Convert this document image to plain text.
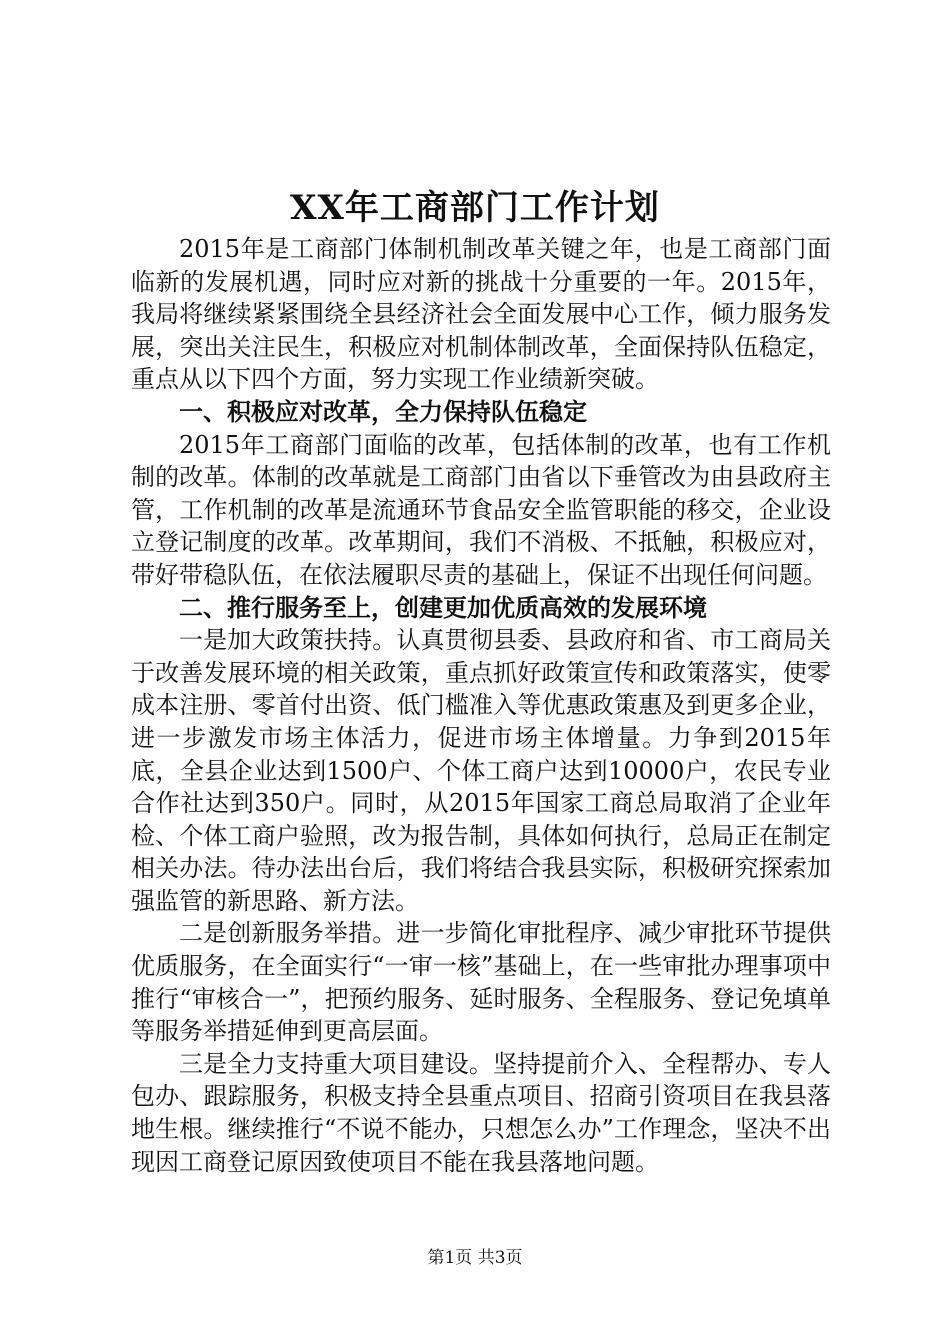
XX年工商部门工作计划

2015年是工商部门体制机制改革关键之年，也是工商部门面临新的发展机遇，同时应对新的挑战十分重要的一年。2015年，我局将继续紧紧围绕全县经济社会全面发展中心工作，倾力服务发展，突出关注民生，积极应对机制体制改革，全面保持队伍稳定，重点从以下四个方面，努力实现工作业绩新突破。

一、积极应对改革，全力保持队伍稳定

2015年工商部门面临的改革，包括体制的改革，也有工作机制的改革。体制的改革就是工商部门由省以下垂管改为由县政府主管，工作机制的改革是流通环节食品安全监管职能的移交，企业设立登记制度的改革。改革期间，我们不消极、不抵触，积极应对，带好带稳队伍，在依法履职尽责的基础上，保证不出现任何问题。

二、推行服务至上，创建更加优质高效的发展环境

一是加大政策扶持。认真贯彻县委、县政府和省、市工商局关于改善发展环境的相关政策，重点抓好政策宣传和政策落实，使零成本注册、零首付出资、低门槛准入等优惠政策惠及到更多企业，进一步激发市场主体活力，促进市场主体增量。力争到2015年底，全县企业达到1500户、个体工商户达到10000户，农民专业合作社达到350户。同时，从2015年国家工商总局取消了企业年检、个体工商户验照，改为报告制，具体如何执行，总局正在制定相关办法。待办法出台后，我们将结合我县实际，积极研究探索加强监管的新思路、新方法。

二是创新服务举措。进一步简化审批程序、减少审批环节提供优质服务，在全面实行“一审一核”基础上，在一些审批办理事项中推行“审核合一”，把预约服务、延时服务、全程服务、登记免填单等服务举措延伸到更高层面。

三是全力支持重大项目建设。坚持提前介入、全程帮办、专人包办、跟踪服务，积极支持全县重点项目、招商引资项目在我县落地生根。继续推行“不说不能办，只想怎么办”工作理念，坚决不出现因工商登记原因致使项目不能在我县落地问题。

第1页 共3页
